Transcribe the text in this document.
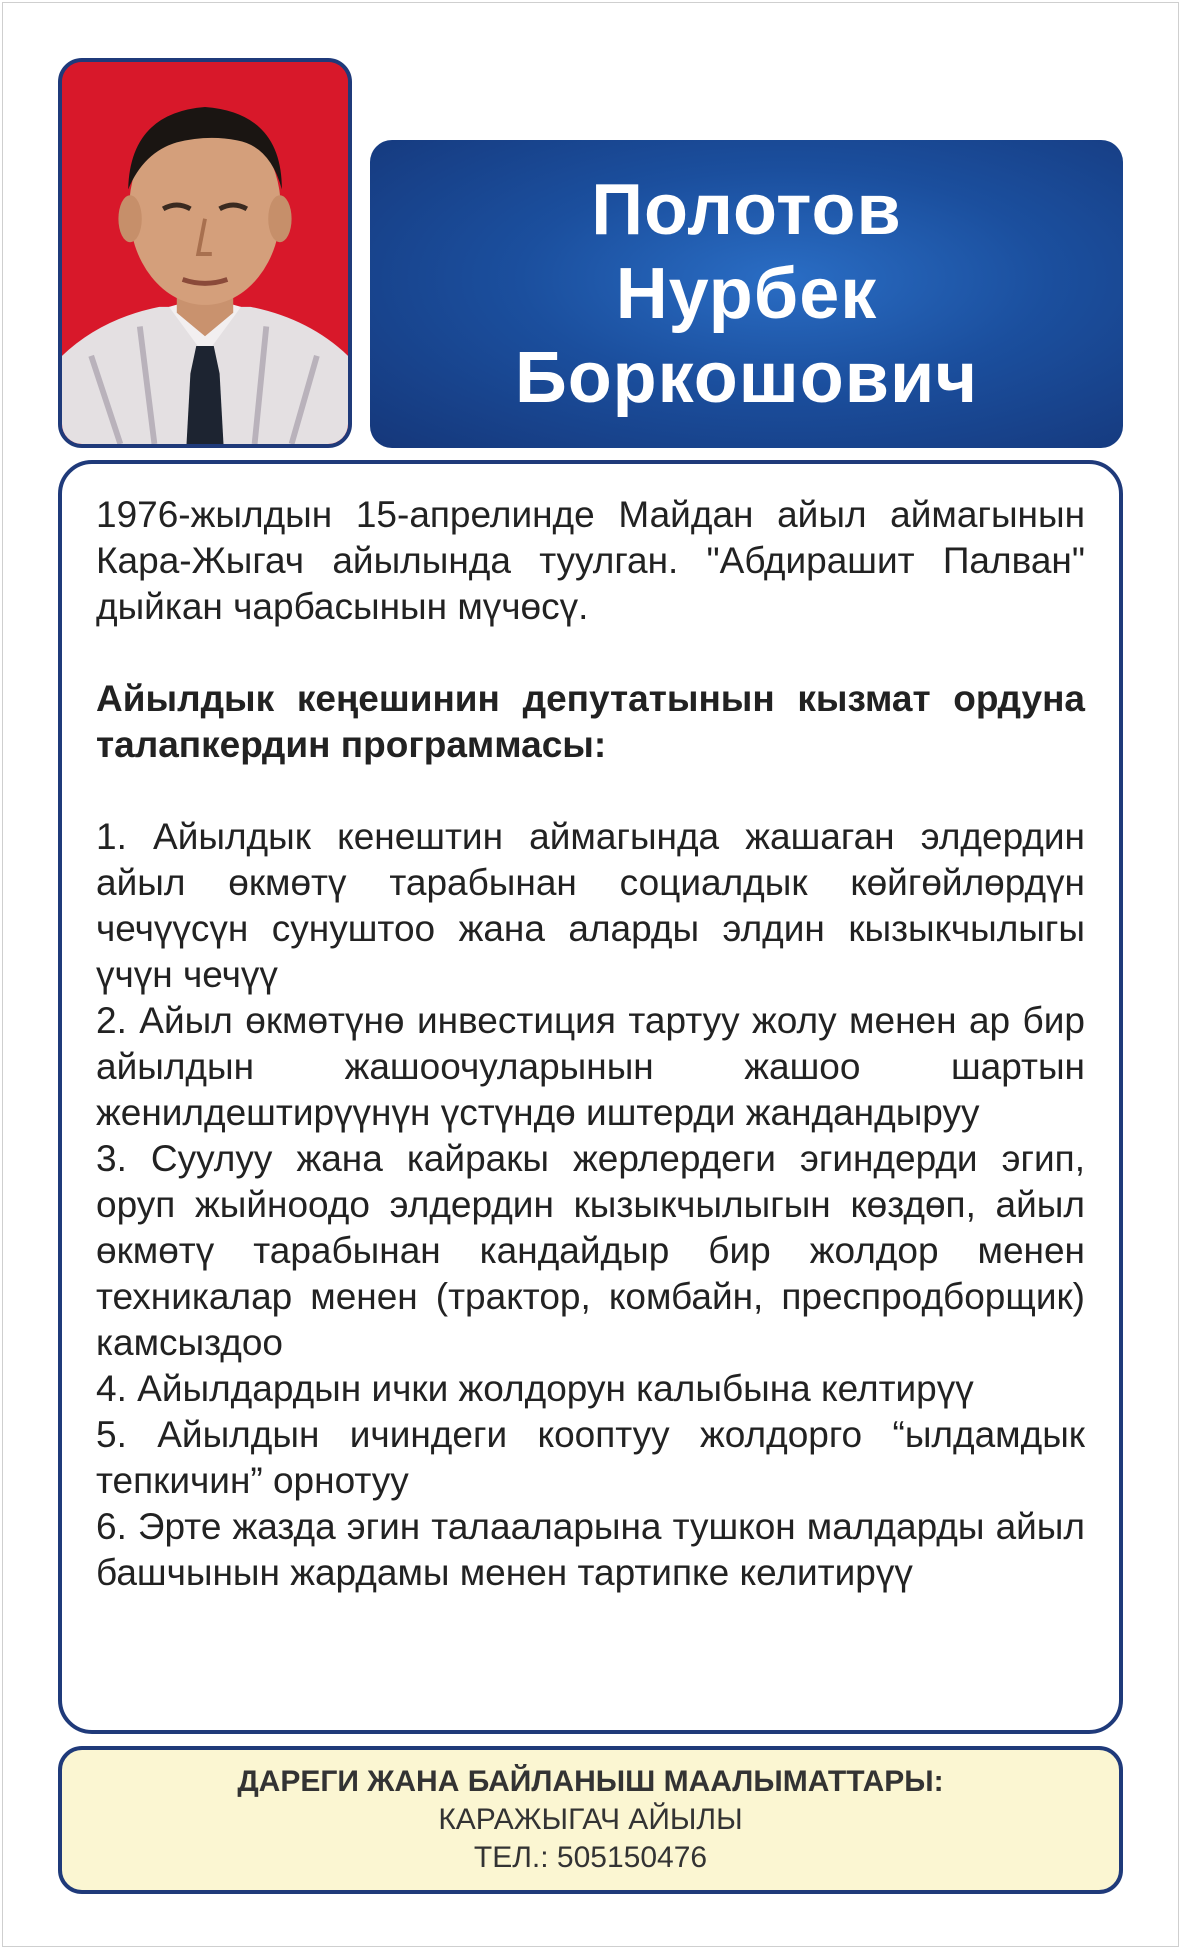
Полотов
Нурбек
Боркошович

1976-жылдын 15-апрелинде Майдан айыл аймагынын Кара-Жыгач айылында туулган. "Абдирашит Палван" дыйкан чарбасынын мүчөсү.

Айылдык кеңешинин депутатынын кызмат ордуна талапкердин программасы:

1. Айылдык кенештин аймагында жашаган элдердин айыл өкмөтү тарабынан социалдык көйгөйлөрдүн чечүүсүн сунуштоо жана аларды элдин кызыкчылыгы үчүн чечүү

2. Айыл өкмөтүнө инвестиция тартуу жолу менен ар бир айылдын жашоочуларынын жашоо шартын женилдештирүүнүн үстүндө иштерди жандандыруу

3. Суулуу жана кайракы жерлердеги эгиндерди эгип, оруп жыйноодо элдердин кызыкчылыгын көздөп, айыл өкмөтү тарабынан кандайдыр бир жолдор менен техникалар менен (трактор, комбайн, преспродборщик) камсыздоо

4. Айылдардын ички жолдорун калыбына келтирүү

5. Айылдын ичиндеги кооптуу жолдорго “ылдамдык тепкичин” орнотуу

6. Эрте жазда эгин талааларына тушкон малдарды айыл башчынын жардамы менен тартипке келитирүү

ДАРЕГИ ЖАНА БАЙЛАНЫШ МААЛЫМАТТАРЫ:
КАРАЖЫГАЧ АЙЫЛЫ
ТЕЛ.: 505150476
